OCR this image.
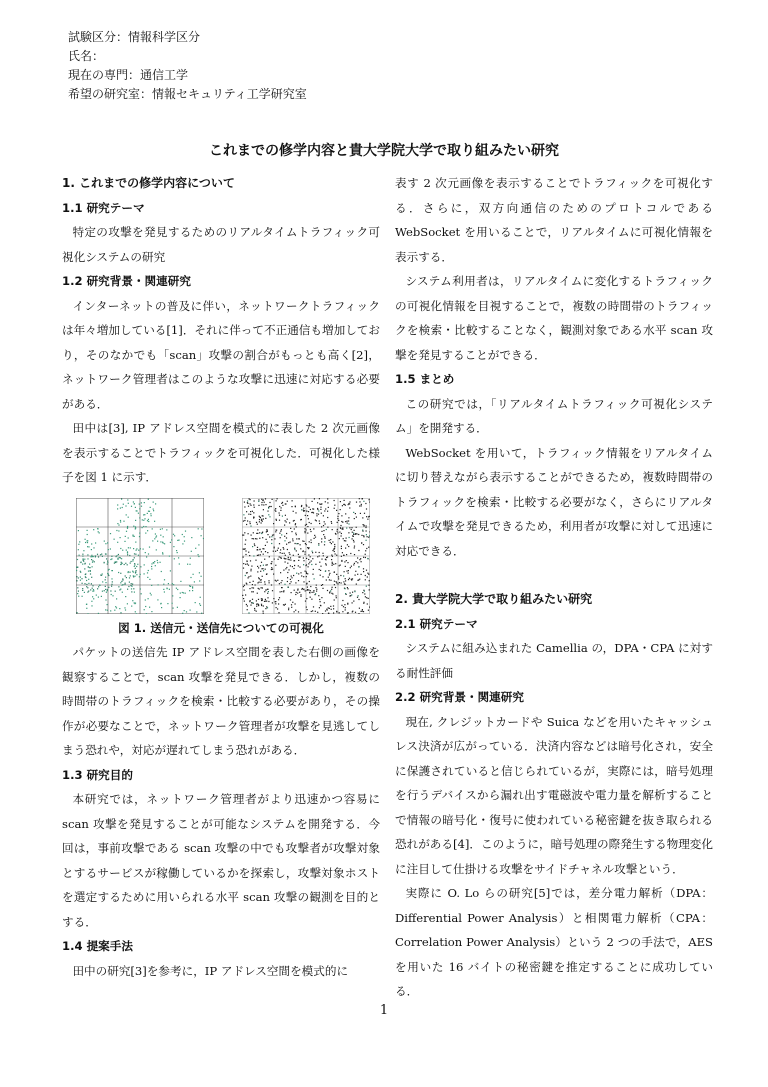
試験区分：情報科学区分
氏名：
現在の専門：通信工学
希望の研究室：情報セキュリティ工学研究室
これまでの修学内容と貴大学院大学で取り組みたい研究
1. これまでの修学内容について
1.1 研究テーマ

特定の攻撃を発見するためのリアルタイムトラフィック可視化システムの研究

1.2 研究背景・関連研究

インターネットの普及に伴い，ネットワークトラフィックは年々増加している[1]．それに伴って不正通信も増加しており，そのなかでも「scan」攻撃の割合がもっとも高く[2]，ネットワーク管理者はこのような攻撃に迅速に対応する必要がある．

田中は[3], IP アドレス空間を模式的に表した 2 次元画像を表示することでトラフィックを可視化した．可視化した様子を図 1 に示す．

図 1. 送信元・送信先についての可視化

パケットの送信先 IP アドレス空間を表した右側の画像を観察することで，scan 攻撃を発見できる．しかし，複数の時間帯のトラフィックを検索・比較する必要があり，その操作が必要なことで，ネットワーク管理者が攻撃を見逃してしまう恐れや，対応が遅れてしまう恐れがある．

1.3 研究目的

本研究では，ネットワーク管理者がより迅速かつ容易に scan 攻撃を発見することが可能なシステムを開発する．今回は，事前攻撃である scan 攻撃の中でも攻撃者が攻撃対象とするサービスが稼働しているかを探索し，攻撃対象ホストを選定するために用いられる水平 scan 攻撃の観測を目的とする．

1.4 提案手法

田中の研究[3]を参考に，IP アドレス空間を模式的に

表す 2 次元画像を表示することでトラフィックを可視化する．さらに，双方向通信のためのプロトコルである WebSocket を用いることで，リアルタイムに可視化情報を表示する．

システム利用者は，リアルタイムに変化するトラフィックの可視化情報を目視することで，複数の時間帯のトラフィックを検索・比較することなく，観測対象である水平 scan 攻撃を発見することができる．

1.5 まとめ

この研究では，「リアルタイムトラフィック可視化システム」を開発する．

WebSocket を用いて，トラフィック情報をリアルタイムに切り替えながら表示することができるため，複数時間帯のトラフィックを検索・比較する必要がなく，さらにリアルタイムで攻撃を発見できるため，利用者が攻撃に対して迅速に対応できる．

2. 貴大学院大学で取り組みたい研究
2.1 研究テーマ

システムに組み込まれた Camellia の，DPA・CPA に対する耐性評価

2.2 研究背景・関連研究

現在, クレジットカードや Suica などを用いたキャッシュレス決済が広がっている．決済内容などは暗号化され，安全に保護されていると信じられているが，実際には，暗号処理を行うデバイスから漏れ出す電磁波や電力量を解析することで情報の暗号化・復号に使われている秘密鍵を抜き取られる恐れがある[4]．このように，暗号処理の際発生する物理変化に注目して仕掛ける攻撃をサイドチャネル攻撃という．

実際に O. Lo らの研究[5]では，差分電力解析（DPA：Differential Power Analysis）と相関電力解析（CPA：Correlation Power Analysis）という 2 つの手法で，AES を用いた 16 バイトの秘密鍵を推定することに成功している．

1
